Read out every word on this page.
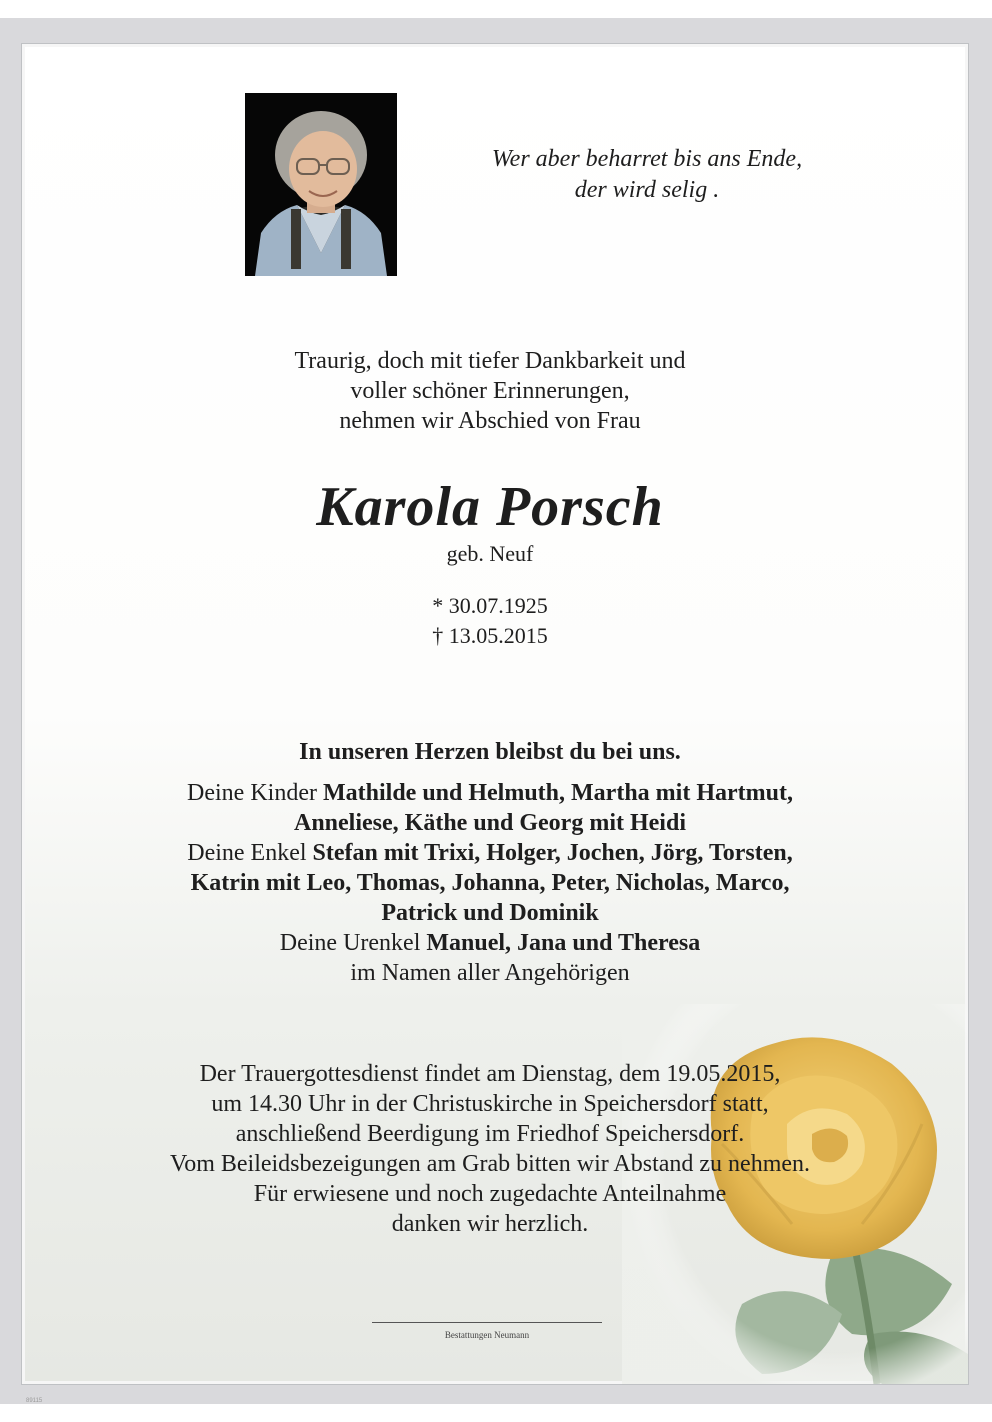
Wer aber beharret bis ans Ende,
der wird selig .
Traurig, doch mit tiefer Dankbarkeit und
voller schöner Erinnerungen,
nehmen wir Abschied von Frau
Karola Porsch
geb. Neuf
* 30.07.1925
† 13.05.2015
In unseren Herzen bleibst du bei uns.
Deine Kinder Mathilde und Helmuth, Martha mit Hartmut,
Anneliese, Käthe und Georg mit Heidi
Deine Enkel Stefan mit Trixi, Holger, Jochen, Jörg, Torsten,
Katrin mit Leo, Thomas, Johanna, Peter, Nicholas, Marco,
Patrick und Dominik
Deine Urenkel Manuel, Jana und Theresa
im Namen aller Angehörigen
Der Trauergottesdienst findet am Dienstag, dem 19.05.2015,
um 14.30 Uhr in der Christuskirche in Speichersdorf statt,
anschließend Beerdigung im Friedhof Speichersdorf.
Vom Beileidsbezeigungen am Grab bitten wir Abstand zu nehmen.
Für erwiesene und noch zugedachte Anteilnahme
danken wir herzlich.
Bestattungen Neumann
89115
